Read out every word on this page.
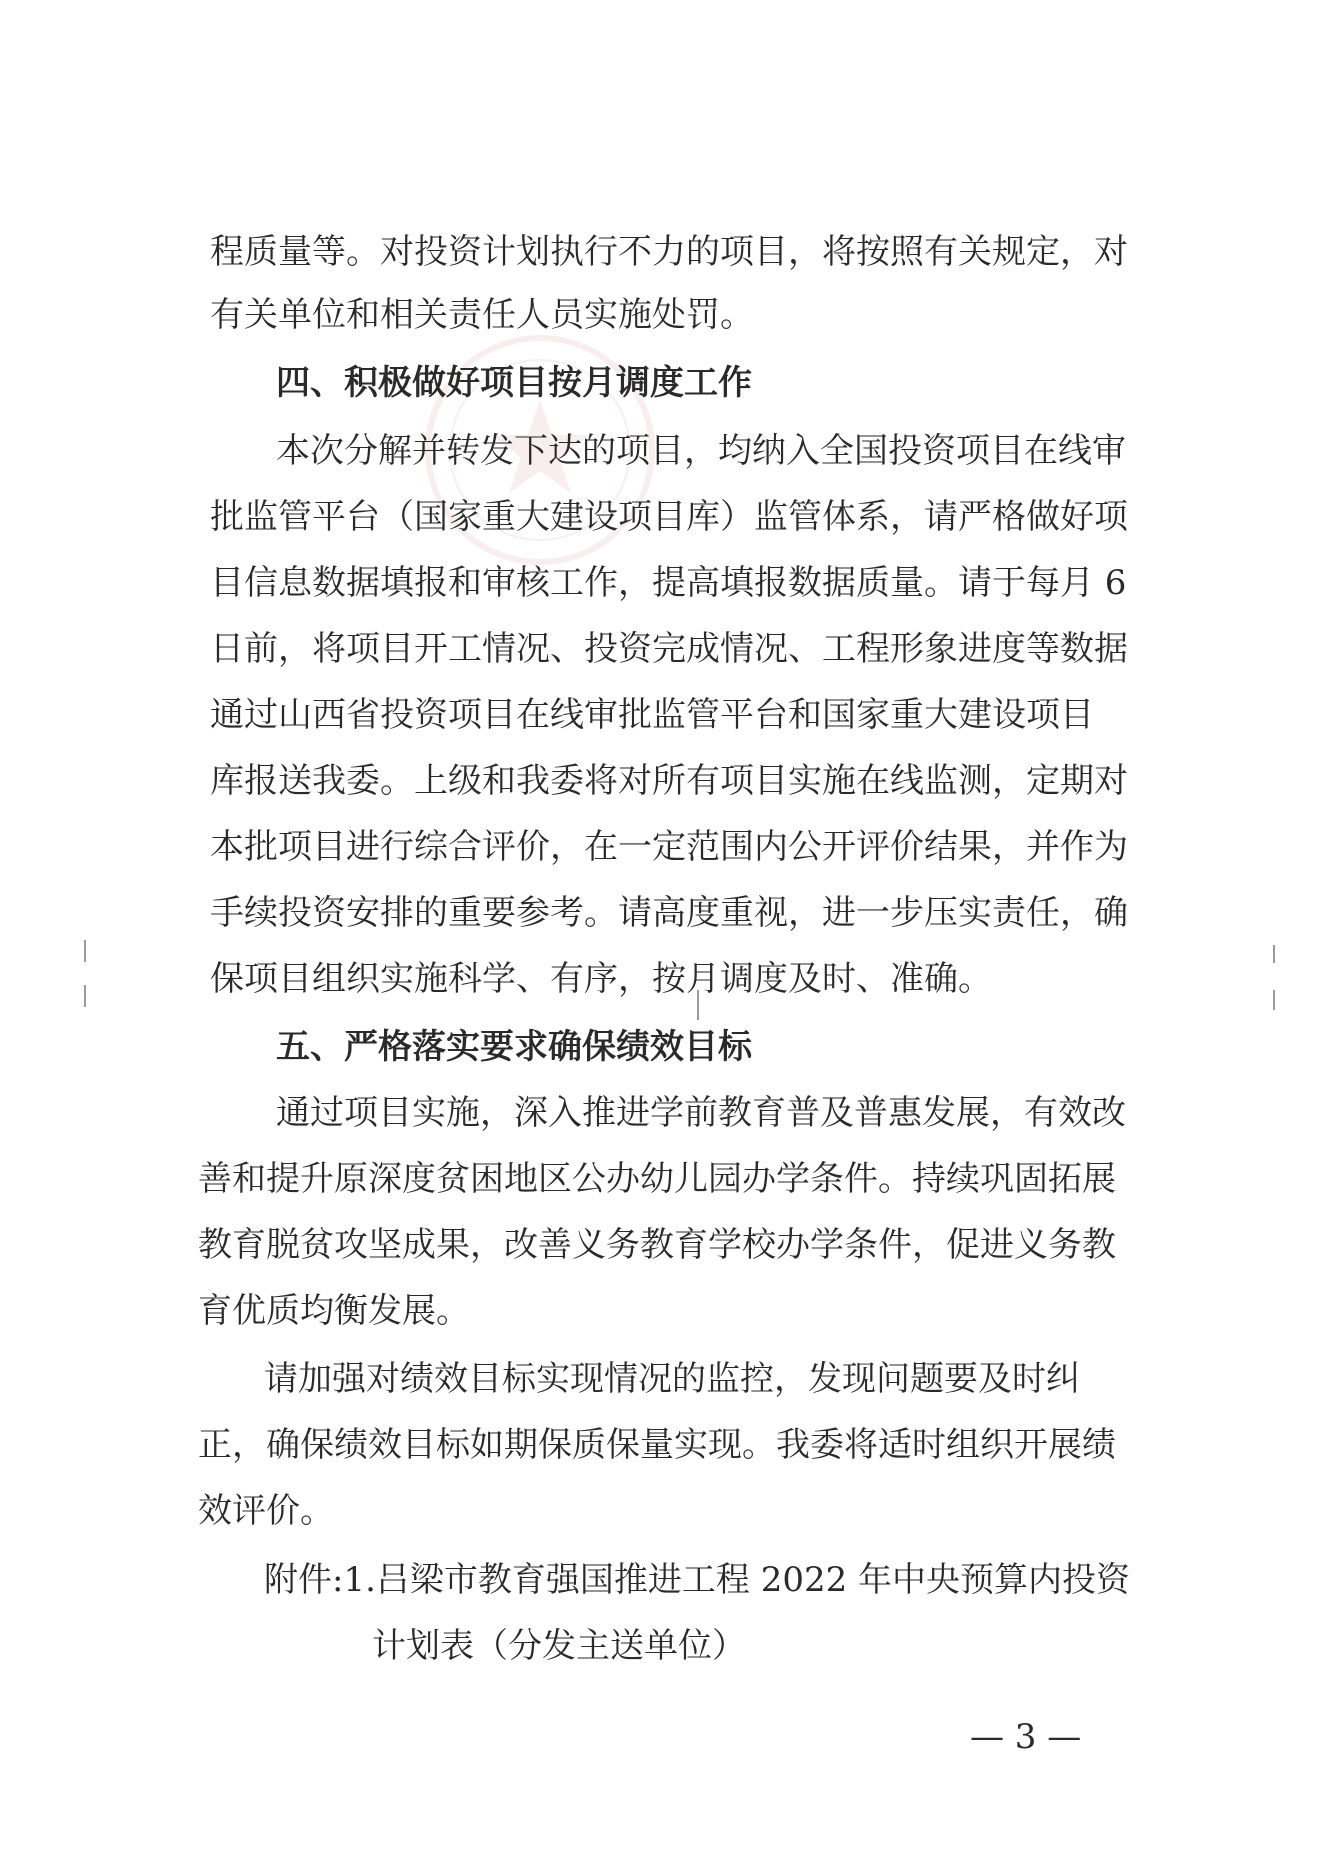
程质量等。对投资计划执行不力的项目，将按照有关规定，对
有关单位和相关责任人员实施处罚。
四、积极做好项目按月调度工作
本次分解并转发下达的项目，均纳入全国投资项目在线审
批监管平台（国家重大建设项目库）监管体系，请严格做好项
目信息数据填报和审核工作，提高填报数据质量。请于每月 6
日前，将项目开工情况、投资完成情况、工程形象进度等数据
通过山西省投资项目在线审批监管平台和国家重大建设项目
库报送我委。上级和我委将对所有项目实施在线监测，定期对
本批项目进行综合评价，在一定范围内公开评价结果，并作为
手续投资安排的重要参考。请高度重视，进一步压实责任，确
保项目组织实施科学、有序，按月调度及时、准确。
五、严格落实要求确保绩效目标
通过项目实施，深入推进学前教育普及普惠发展，有效改
善和提升原深度贫困地区公办幼儿园办学条件。持续巩固拓展
教育脱贫攻坚成果，改善义务教育学校办学条件，促进义务教
育优质均衡发展。
请加强对绩效目标实现情况的监控，发现问题要及时纠
正，确保绩效目标如期保质保量实现。我委将适时组织开展绩
效评价。
附件:1.吕梁市教育强国推进工程 2022 年中央预算内投资
计划表（分发主送单位）
— 3 —
